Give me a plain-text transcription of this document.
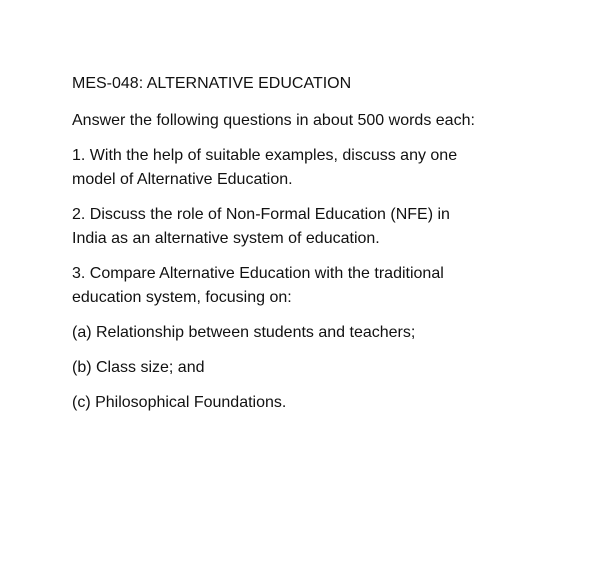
MES-048: ALTERNATIVE EDUCATION
Answer the following questions in about 500 words each:
1. With the help of suitable examples, discuss any one
model of Alternative Education.
2. Discuss the role of Non-Formal Education (NFE) in
India as an alternative system of education.
3. Compare Alternative Education with the traditional
education system, focusing on:
(a) Relationship between students and teachers;
(b) Class size; and
(c) Philosophical Foundations.
